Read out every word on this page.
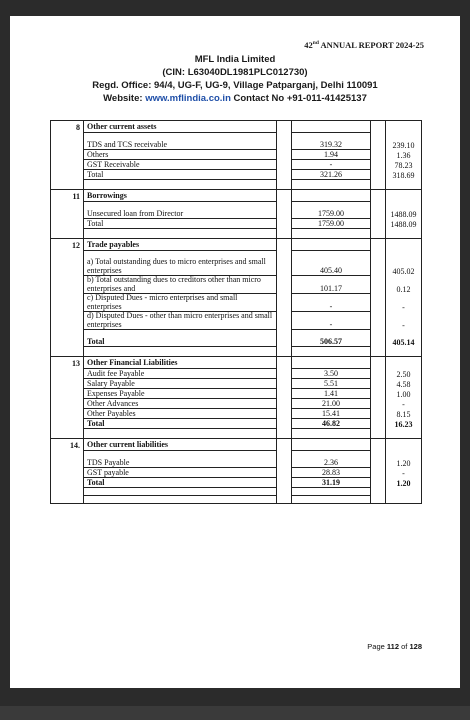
42nd ANNUAL REPORT 2024-25
MFL India Limited
(CIN: L63040DL1981PLC012730)
Regd. Office: 94/4, UG-F, UG-9, Village Patparganj, Delhi 110091
Website: www.mflindia.co.in Contact No +91-011-41425137
8	Other current assets				

	TDS and TCS receivable		319.32		239.10
	Others		1.94		1.36
	GST Receivable		-		78.23
	Total		321.26		318.69

11	Borrowings				

	Unsecured loan from Director		1759.00		1488.09
	Total		1759.00		1488.09

12	Trade payables				

	a) Total outstanding dues to micro enterprises and small enterprises		405.40		405.02
	b) Total outstanding dues to creditors other than micro enterprises and		101.17		0.12
	c) Disputed Dues - micro enterprises and small enterprises		-		-
	d) Disputed Dues - other than micro enterprises and small enterprises		-		-

	Total		506.57		405.14

13	Other Financial Liabilities				
	Audit fee Payable		3.50		2.50
	Salary Payable		5.51		4.58
	Expenses Payable		1.41		1.00
	Other Advances		21.00		-
	Other Payables		15.41		8.15
	Total		46.82		16.23

14.	Other current liabilities				

	TDS Payable		2.36		1.20
	GST payable		28.83		-
	Total		31.19		1.20

Page 112 of 128
